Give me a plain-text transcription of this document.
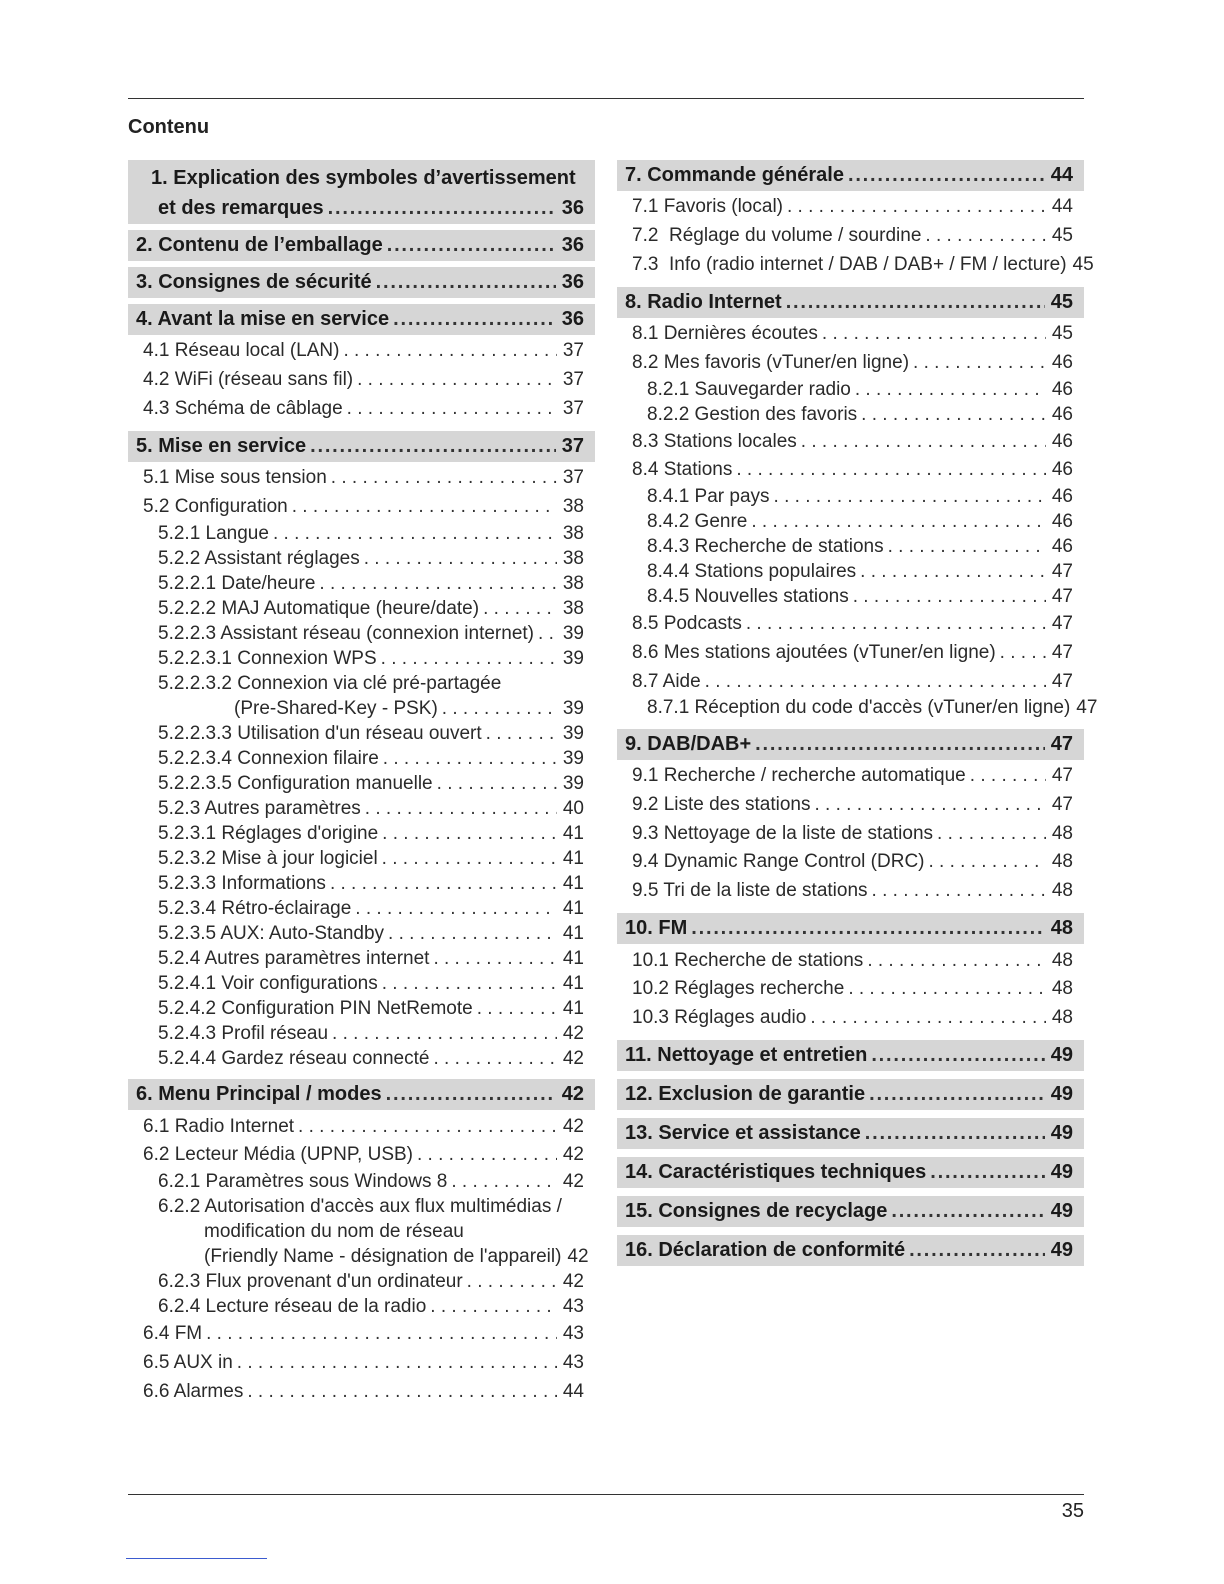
Contenu
1. Explication des symboles d’avertissement
et des remarques .....	36
2. Contenu de l’emballage .....	36
3. Consignes de sécurité .....	36
4. Avant la mise en service .....	36
4.1 Réseau local (LAN) . . .	37
4.2 WiFi (réseau sans fil) . . .	37
4.3 Schéma de câblage . . .	37
5. Mise en service .....	37
5.1 Mise sous tension . . .	37
5.2 Configuration . . .	38
5.2.1 Langue . . .	38
5.2.2 Assistant réglages . . .	38
5.2.2.1 Date/heure . . .	38
5.2.2.2 MAJ Automatique (heure/date) . . .	38
5.2.2.3 Assistant réseau (connexion internet) . . . 39
5.2.2.3.1 Connexion WPS . . .	39
5.2.2.3.2 Connexion via clé pré-partagée
(Pre-Shared-Key - PSK) . . .	39
5.2.2.3.3 Utilisation d'un réseau ouvert . . .	39
5.2.2.3.4 Connexion filaire . . .	39
5.2.2.3.5 Configuration manuelle . . .	39
5.2.3 Autres paramètres . . .	40
5.2.3.1 Réglages d'origine . . .	41
5.2.3.2 Mise à jour logiciel . . .	41
5.2.3.3 Informations . . .	41
5.2.3.4 Rétro-éclairage . . .	41
5.2.3.5 AUX: Auto-Standby . . .	41
5.2.4 Autres paramètres internet . . .	41
5.2.4.1 Voir configurations . . .	41
5.2.4.2 Configuration PIN NetRemote . . .	41
5.2.4.3 Profil réseau . . .	42
5.2.4.4 Gardez réseau connecté . . .	42
6. Menu Principal / modes .....	42
6.1 Radio Internet . . .	42
6.2 Lecteur Média (UPNP, USB) . . .	42
6.2.1 Paramètres sous Windows 8 . . .	42
6.2.2 Autorisation d'accès aux flux multimédias /
modification du nom de réseau
(Friendly Name - désignation de l'appareil) 42
6.2.3 Flux provenant d'un ordinateur . . .	42
6.2.4 Lecture réseau de la radio . . .	43
6.4 FM . . .	43
6.5 AUX in . . .	43
6.6 Alarmes . . .	44
7. Commande générale .....	44
7.1 Favoris (local) . . .	44
7.2  Réglage du volume / sourdine . . .	45
7.3  Info (radio internet / DAB / DAB+ / FM / lecture) 45
8. Radio Internet .....	45
8.1 Dernières écoutes . . .	45
8.2 Mes favoris (vTuner/en ligne) . . .	46
8.2.1 Sauvegarder radio . . .	46
8.2.2 Gestion des favoris . . .	46
8.3 Stations locales . . .	46
8.4 Stations . . .	46
8.4.1 Par pays . . .	46
8.4.2 Genre . . .	46
8.4.3 Recherche de stations . . .	46
8.4.4 Stations populaires . . .	47
8.4.5 Nouvelles stations . . .	47
8.5 Podcasts . . .	47
8.6 Mes stations ajoutées (vTuner/en ligne) . . .	47
8.7 Aide . . .	47
8.7.1 Réception du code d'accès (vTuner/en ligne) 47
9. DAB/DAB+ .....	47
9.1 Recherche / recherche automatique . . .	47
9.2 Liste des stations . . .	47
9.3 Nettoyage de la liste de stations . . .	48
9.4 Dynamic Range Control (DRC) . . .	48
9.5 Tri de la liste de stations . . .	48
10. FM .....	48
10.1 Recherche de stations . . .	48
10.2 Réglages recherche . . .	48
10.3 Réglages audio . . .	48
11. Nettoyage et entretien .....	49
12. Exclusion de garantie .....	49
13. Service et assistance .....	49
14. Caractéristiques techniques .....	49
15. Consignes de recyclage .....	49
16. Déclaration de conformité .....	49
35
